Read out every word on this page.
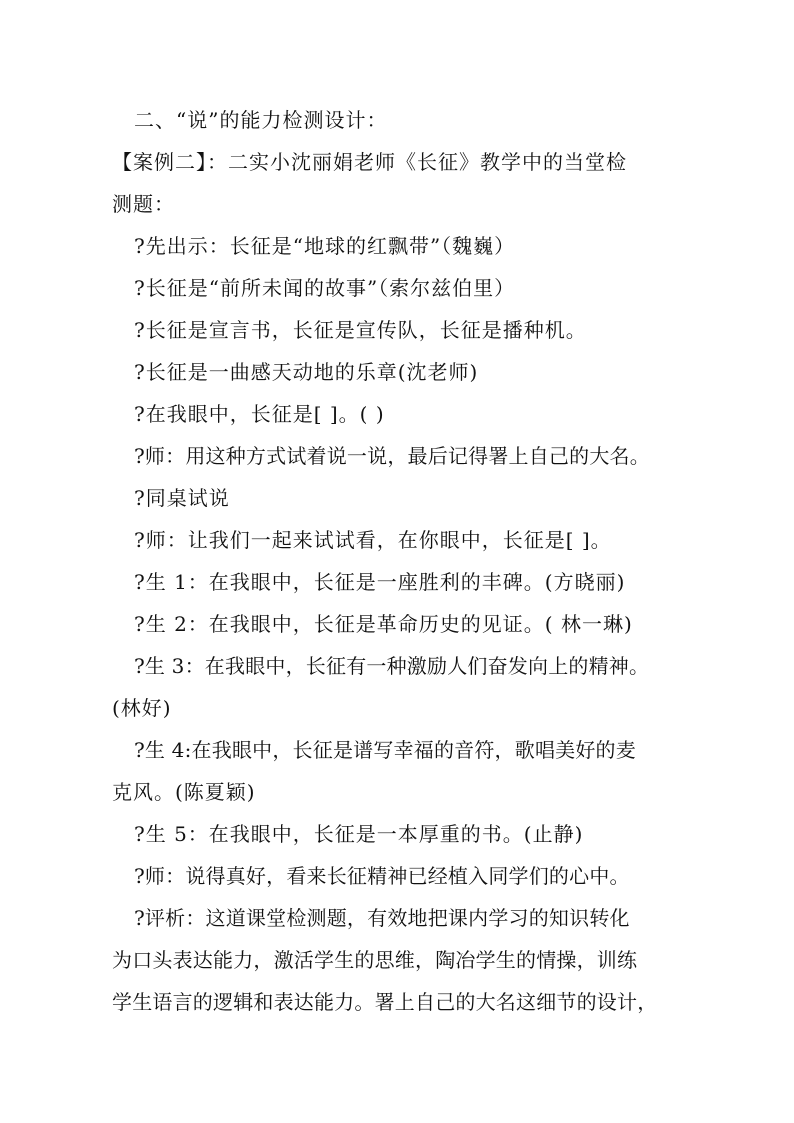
二、“说”的能力检测设计：
【案例二】：二实小沈丽娟老师《长征》教学中的当堂检
测题：
?先出示：长征是“地球的红飘带”（魏巍）
?长征是“前所未闻的故事”（索尔兹伯里）
?长征是宣言书，长征是宣传队，长征是播种机。
?长征是一曲感天动地的乐章(沈老师)
?在我眼中，长征是[ ]。( )
?师：用这种方式试着说一说，最后记得署上自己的大名。
?同桌试说
?师：让我们一起来试试看，在你眼中，长征是[ ]。
?生 1：在我眼中，长征是一座胜利的丰碑。(方晓丽)
?生 2：在我眼中，长征是革命历史的见证。( 林一琳)
?生 3：在我眼中，长征有一种激励人们奋发向上的精神。
(林好)
?生 4:在我眼中，长征是谱写幸福的音符，歌唱美好的麦
克风。(陈夏颖)
?生 5：在我眼中，长征是一本厚重的书。(止静)
?师：说得真好，看来长征精神已经植入同学们的心中。
?评析：这道课堂检测题，有效地把课内学习的知识转化
为口头表达能力，激活学生的思维，陶冶学生的情操，训练
学生语言的逻辑和表达能力。署上自己的大名这细节的设计，
